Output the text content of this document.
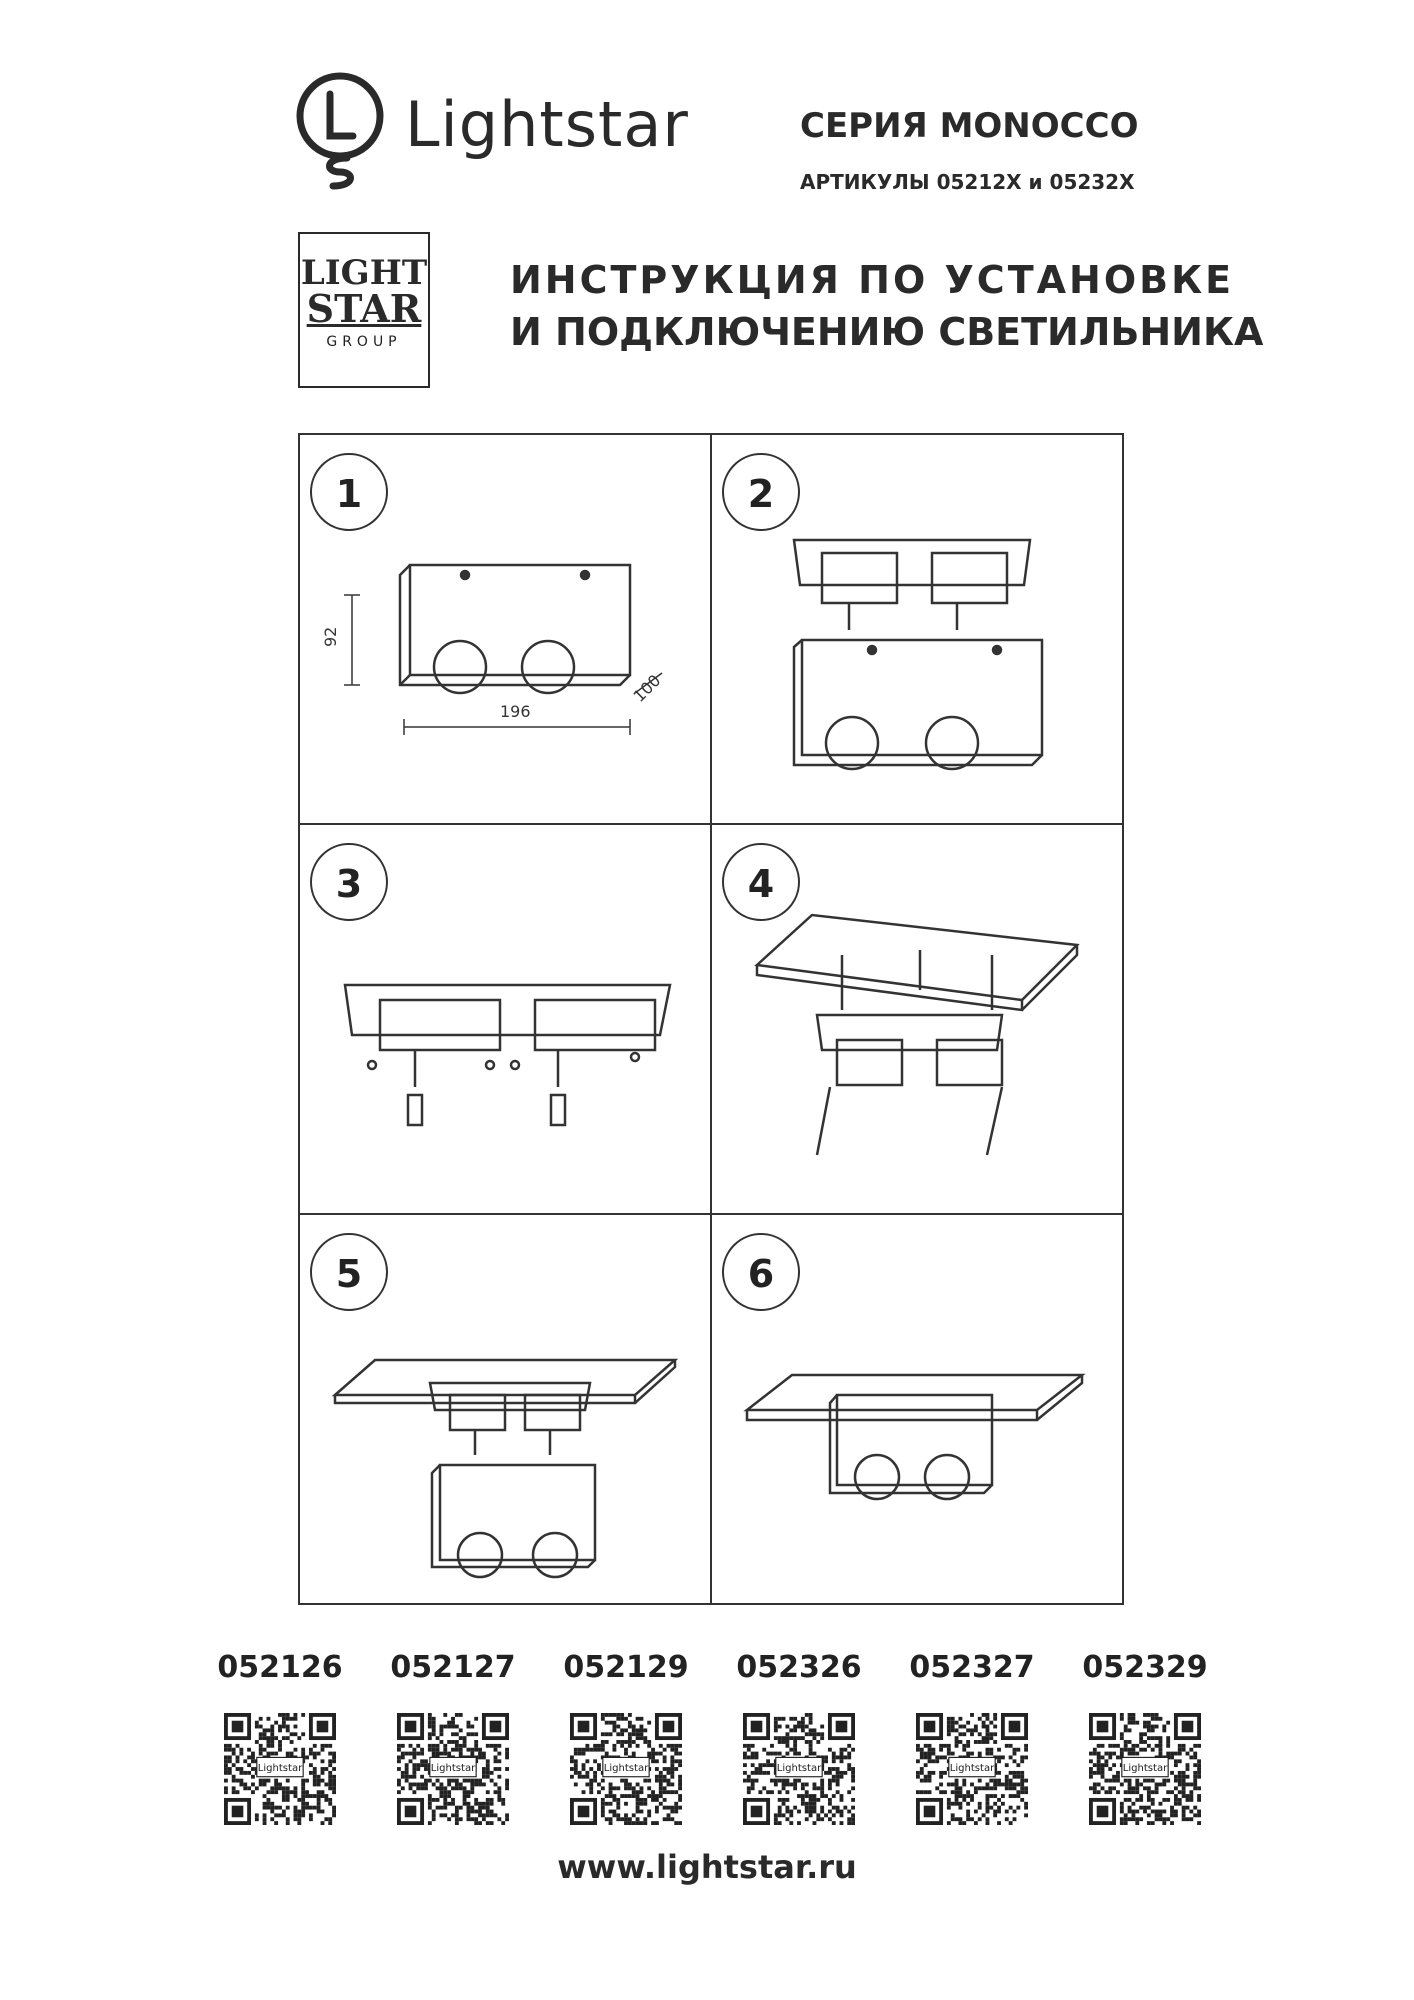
Lightstar	СЕРИЯ MONOCCO
АРТИКУЛЫ 05212Х и 05232Х
LIGHT
STAR
GROUP
ИНСТРУКЦИЯ ПО УСТАНОВКЕ
И ПОДКЛЮЧЕНИЮ СВЕТИЛЬНИКА
1
92
196
100
2
3	4
5	6
052126
Lightstar
052127
Lightstar
052129
Lightstar
052326
Lightstar
052327
Lightstar
052329
Lightstar
www.lightstar.ru
